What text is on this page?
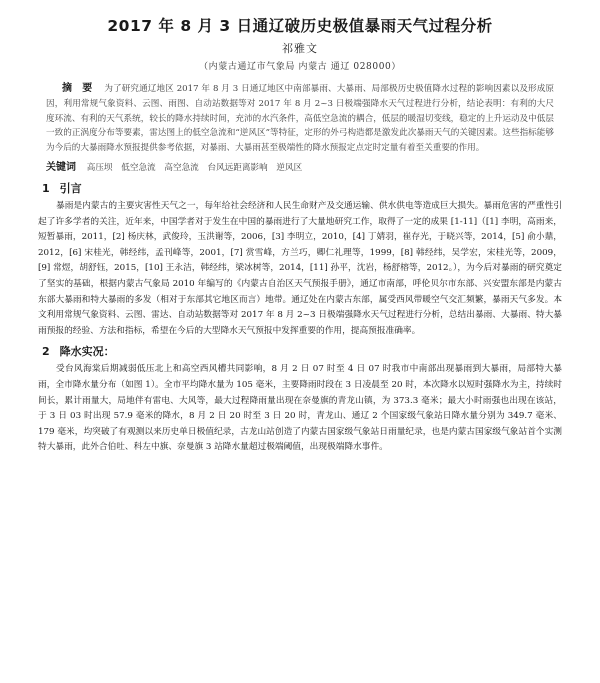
2017 年 8 月 3 日通辽破历史极值暴雨天气过程分析
祁雅文
（内蒙古通辽市气象局 内蒙古 通辽 028000）
摘　要 为了研究通辽地区 2017 年 8 月 3 日通辽地区中南部暴雨、大暴雨、局部极历史极值降水过程的影响因素以及形成原因，利用常规气象资料、云图、雨图、自动站数据等对 2017 年 8 月 2~3 日极端强降水天气过程进行分析，结论表明：有利的大尺度环流、有利的天气系统，较长的降水持续时间，充沛的水汽条件，高低空急流的耦合，低层的暖湿切变线，稳定的上升运动及中低层一致的正涡度分布等要素，雷达图上的低空急流和“逆风区”等特征，定形的外弓构造都是激发此次暴雨天气的关键因素。这些指标能够为今后的大暴雨降水预报提供参考依据，对暴雨、大暴雨甚至极端性的降水预报定点定时定量有着至关重要的作用。
关键词 高压坝 低空急流 高空急流 台风远距离影响 逆风区
1 引言

暴雨是内蒙古的主要灾害性天气之一，每年给社会经济和人民生命财产及交通运输、供水供电等造成巨大损失。暴雨危害的严重性引起了许多学者的关注，近年来，中国学者对于发生在中国的暴雨进行了大量地研究工作，取得了一定的成果 [1-11]（[1] 李明，高雨来，短暂暴雨，2011，[2] 杨庆林，武俊玲，玉洪谢等，2006，[3] 李明立，2010，[4] 丁婧羽，崔存光，于晓兴等，2014，[5] 俞小鼎，2012，[6] 宋桂光，韩经纬，孟刊峰等，2001，[7] 赏雪峰，方兰巧，卿仁礼理等，1999，[8] 韩经纬，吴学宏，宋桂光等，2009，[9] 常煜，胡舒钰，2015，[10] 王永洁，韩经纬，梁冰树等，2014，[11] 孙平，沈岩，杨舒榕等，2012。），为今后对暴雨的研究奠定了坚实的基础，根据内蒙古气象局 2010 年编写的《内蒙古自治区天气预报手册》，通辽市南部，呼伦贝尔市东部、兴安盟东部是内蒙古东部大暴雨和特大暴雨的多发（相对于东部其它地区而言）地带。通辽处在内蒙古东部，属受西风带暖空气交汇频繁，暴雨天气多发。本文利用常规气象资料、云图、雷达、自动站数据等对 2017 年 8 月 2~3 日极端强降水天气过程进行分析，总结出暴雨、大暴雨、特大暴雨预报的经验、方法和指标，希望在今后的大型降水天气预报中发挥重要的作用，提高预报准确率。

2 降水实况：

受台风海棠后期减弱低压北上和高空西风槽共同影响，8 月 2 日 07 时至 4 日 07 时我市中南部出现暴雨到大暴雨，局部特大暴雨，全市降水量分布（如图 1）。全市平均降水量为 105 毫米，主要降雨时段在 3 日凌晨至 20 时，本次降水以短时强降水为主，持续时间长，累计雨量大，局地伴有雷电、大风等，最大过程降雨量出现在奈曼旗的青龙山镇，为 373.3 毫米；最大小时雨强也出现在该站，于 3 日 03 时出现 57.9 毫米的降水，8 月 2 日 20 时至 3 日 20 时，青龙山、通辽 2 个国家级气象站日降水量分别为 349.7 毫米、179 毫米，均突破了有观测以来历史单日极值纪录，古龙山站创造了内蒙古国家级气象站日雨量纪录，也是内蒙古国家级气象站首个实测特大暴雨，此外合伯吐、科左中旗、奈曼旗 3 站降水量超过极端阈值，出现极端降水事件。
